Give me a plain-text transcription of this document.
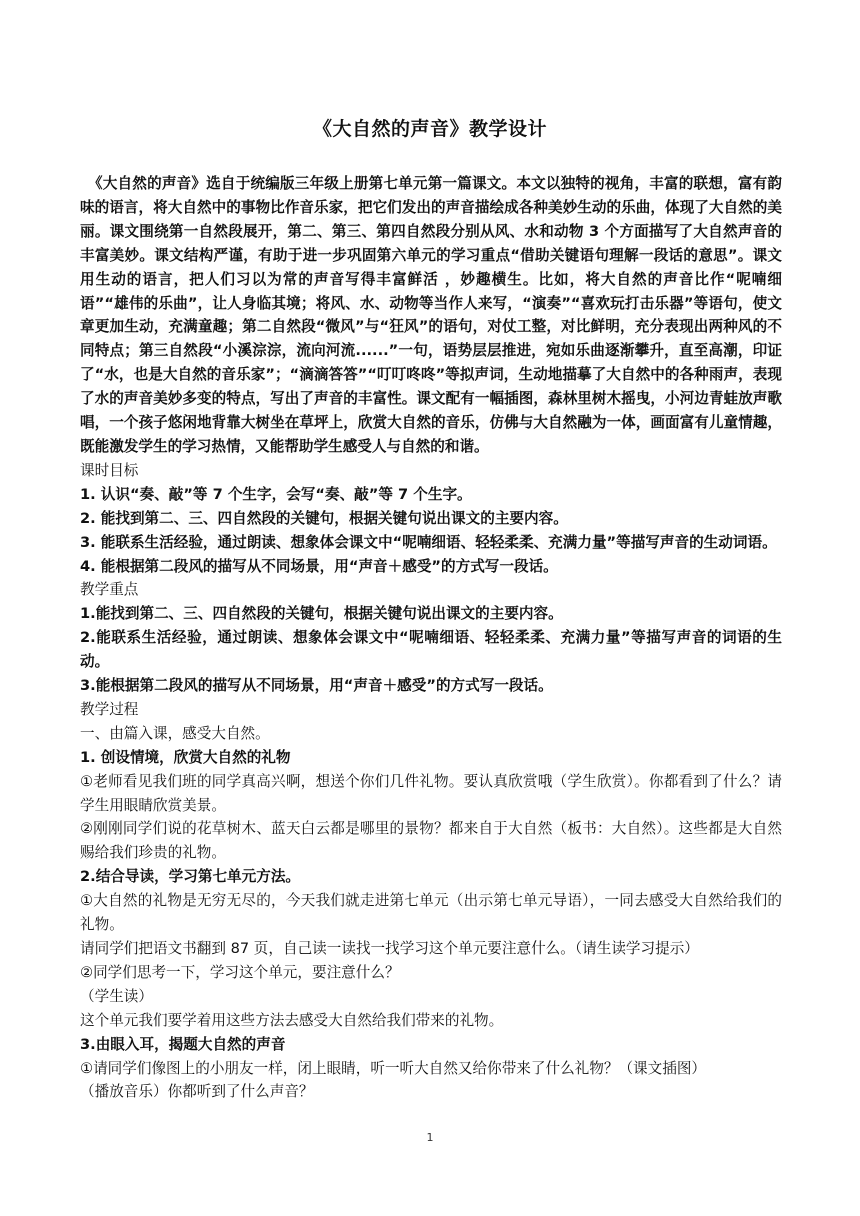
《大自然的声音》教学设计

《大自然的声音》选自于统编版三年级上册第七单元第一篇课文。本文以独特的视角，丰富的联想，富有韵味的语言，将大自然中的事物比作音乐家，把它们发出的声音描绘成各种美妙生动的乐曲，体现了大自然的美丽。课文围绕第一自然段展开，第二、第三、第四自然段分别从风、水和动物 3 个方面描写了大自然声音的丰富美妙。课文结构严谨，有助于进一步巩固第六单元的学习重点“借助关键语句理解一段话的意思”。课文用生动的语言，把人们习以为常的声音写得丰富鲜活 ，妙趣横生。比如，将大自然的声音比作“呢喃细语”“雄伟的乐曲”，让人身临其境；将风、水、动物等当作人来写，“演奏”“喜欢玩打击乐器”等语句，使文章更加生动，充满童趣；第二自然段“微风”与“狂风”的语句，对仗工整，对比鲜明，充分表现出两种风的不同特点；第三自然段“小溪淙淙，流向河流......”一句，语势层层推进，宛如乐曲逐渐攀升，直至高潮，印证了“水，也是大自然的音乐家”；“滴滴答答”“叮叮咚咚”等拟声词，生动地描摹了大自然中的各种雨声，表现了水的声音美妙多变的特点，写出了声音的丰富性。课文配有一幅插图，森林里树木摇曳，小河边青蛙放声歌唱，一个孩子悠闲地背靠大树坐在草坪上，欣赏大自然的音乐，仿佛与大自然融为一体，画面富有儿童情趣，既能激发学生的学习热情，又能帮助学生感受人与自然的和谐。

课时目标

1. 认识“奏、敲”等 7 个生字，会写“奏、敲”等 7 个生字。

2. 能找到第二、三、四自然段的关键句，根据关键句说出课文的主要内容。

3. 能联系生活经验，通过朗读、想象体会课文中“呢喃细语、轻轻柔柔、充满力量”等描写声音的生动词语。

4. 能根据第二段风的描写从不同场景，用“声音＋感受”的方式写一段话。

教学重点

1.能找到第二、三、四自然段的关键句，根据关键句说出课文的主要内容。

2.能联系生活经验，通过朗读、想象体会课文中“呢喃细语、轻轻柔柔、充满力量”等描写声音的词语的生动。

3.能根据第二段风的描写从不同场景，用“声音＋感受”的方式写一段话。

教学过程

一、由篇入课，感受大自然。

1. 创设情境，欣赏大自然的礼物

①老师看见我们班的同学真高兴啊，想送个你们几件礼物。要认真欣赏哦（学生欣赏）。你都看到了什么？请学生用眼睛欣赏美景。

②刚刚同学们说的花草树木、蓝天白云都是哪里的景物？都来自于大自然（板书：大自然）。这些都是大自然赐给我们珍贵的礼物。

2.结合导读，学习第七单元方法。

①大自然的礼物是无穷无尽的，今天我们就走进第七单元（出示第七单元导语），一同去感受大自然给我们的礼物。

请同学们把语文书翻到 87 页，自己读一读找一找学习这个单元要注意什么。（请生读学习提示）

②同学们思考一下，学习这个单元，要注意什么？

（学生读）

这个单元我们要学着用这些方法去感受大自然给我们带来的礼物。

3.由眼入耳，揭题大自然的声音

①请同学们像图上的小朋友一样，闭上眼睛，听一听大自然又给你带来了什么礼物？（课文插图）

（播放音乐）你都听到了什么声音？

1
